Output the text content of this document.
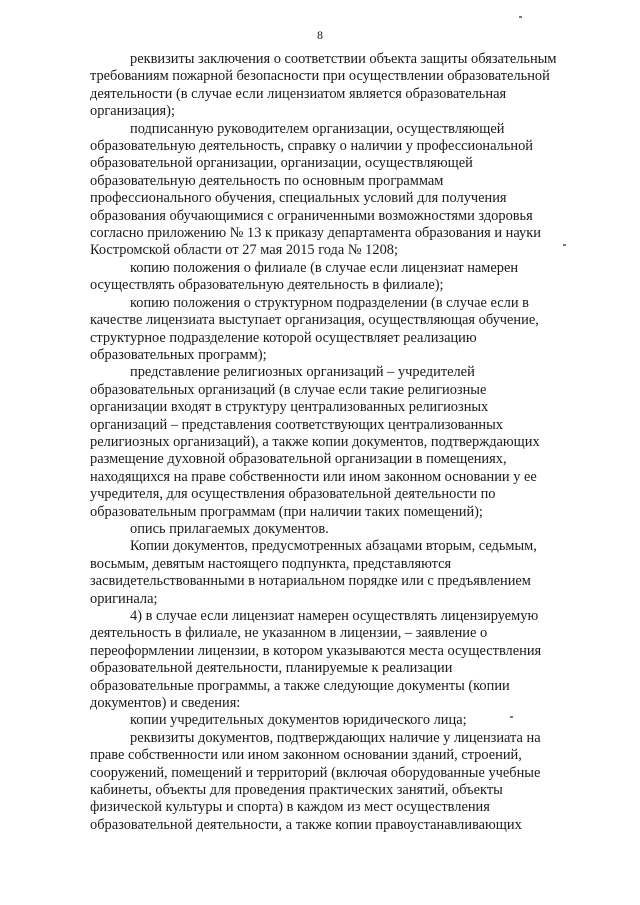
8

реквизиты заключения о соответствии объекта защиты обязательным
требованиям пожарной безопасности при осуществлении образовательной
деятельности (в случае если лицензиатом является образовательная
организация);

подписанную руководителем организации, осуществляющей
образовательную деятельность, справку о наличии у профессиональной
образовательной организации, организации, осуществляющей
образовательную деятельность по основным программам
профессионального обучения, специальных условий для получения
образования обучающимися с ограниченными возможностями здоровья
согласно приложению № 13 к приказу департамента образования и науки
Костромской области от 27 мая 2015 года № 1208;

копию положения о филиале (в случае если лицензиат намерен
осуществлять образовательную деятельность в филиале);

копию положения о структурном подразделении (в случае если в
качестве лицензиата выступает организация, осуществляющая обучение,
структурное подразделение которой осуществляет реализацию
образовательных программ);

представление религиозных организаций – учредителей
образовательных организаций (в случае если такие религиозные
организации входят в структуру централизованных религиозных
организаций – представления соответствующих централизованных
религиозных организаций), а также копии документов, подтверждающих
размещение духовной образовательной организации в помещениях,
находящихся на праве собственности или ином законном основании у ее
учредителя, для осуществления образовательной деятельности по
образовательным программам (при наличии таких помещений);

опись прилагаемых документов.

Копии документов, предусмотренных абзацами вторым, седьмым,
восьмым, девятым настоящего подпункта, представляются
засвидетельствованными в нотариальном порядке или с предъявлением
оригинала;

4) в случае если лицензиат намерен осуществлять лицензируемую
деятельность в филиале, не указанном в лицензии, – заявление о
переоформлении лицензии, в котором указываются места осуществления
образовательной деятельности, планируемые к реализации
образовательные программы, а также следующие документы (копии
документов) и сведения:

копии учредительных документов юридического лица;

реквизиты документов, подтверждающих наличие у лицензиата на
праве собственности или ином законном основании зданий, строений,
сооружений, помещений и территорий (включая оборудованные учебные
кабинеты, объекты для проведения практических занятий, объекты
физической культуры и спорта) в каждом из мест осуществления
образовательной деятельности, а также копии правоустанавливающих
